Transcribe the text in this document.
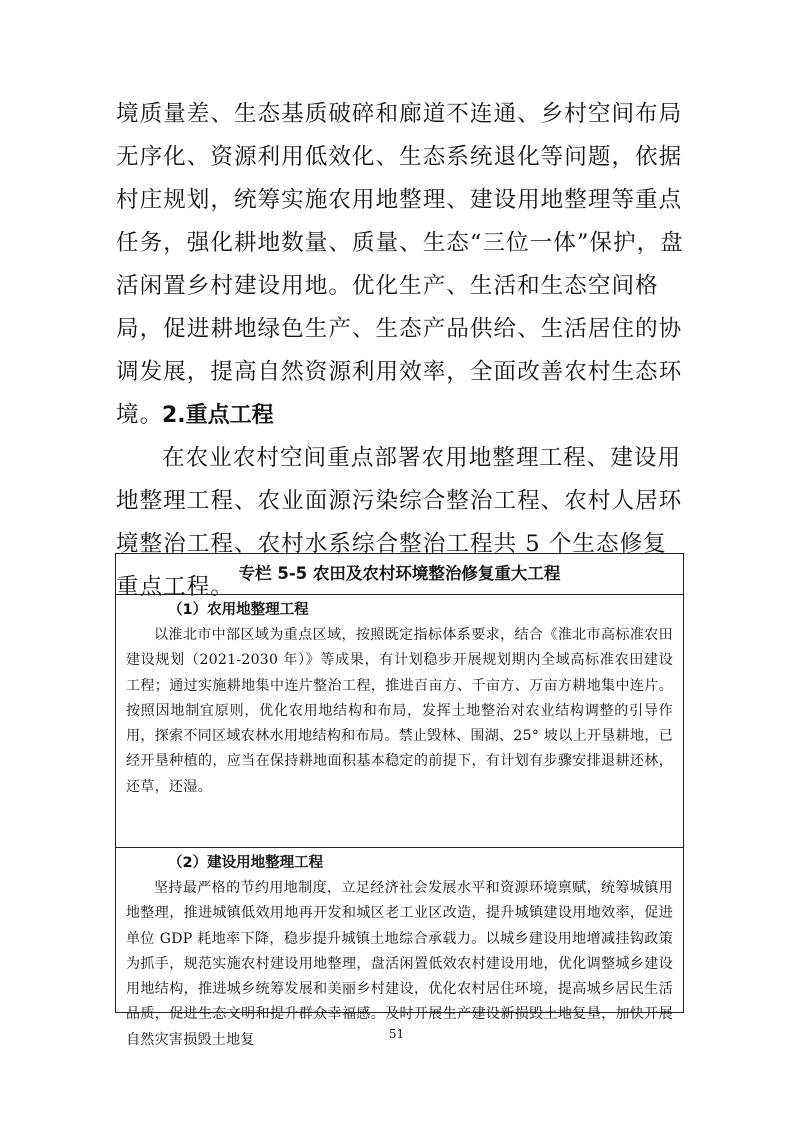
境质量差、生态基质破碎和廊道不连通、乡村空间布局无序化、资源利用低效化、生态系统退化等问题，依据村庄规划，统筹实施农用地整理、建设用地整理等重点任务，强化耕地数量、质量、生态“三位一体”保护，盘活闲置乡村建设用地。优化生产、生活和生态空间格局，促进耕地绿色生产、生态产品供给、生活居住的协调发展，提高自然资源利用效率，全面改善农村生态环境。

2.重点工程

在农业农村空间重点部署农用地整理工程、建设用地整理工程、农业面源污染综合整治工程、农村人居环境整治工程、农村水系综合整治工程共 5 个生态修复重点工程。

专栏 5-5 农田及农村环境整治修复重大工程
（1）农用地整理工程

以淮北市中部区域为重点区域，按照既定指标体系要求，结合《淮北市高标准农田建设规划（2021-2030 年）》等成果，有计划稳步开展规划期内全域高标准农田建设工程；通过实施耕地集中连片整治工程，推进百亩方、千亩方、万亩方耕地集中连片。按照因地制宜原则，优化农用地结构和布局，发挥土地整治对农业结构调整的引导作用，探索不同区域农林水用地结构和布局。禁止毁林、围湖、25° 坡以上开垦耕地，已经开垦种植的，应当在保持耕地面积基本稳定的前提下，有计划有步骤安排退耕还林，还草，还湿。

（2）建设用地整理工程

坚持最严格的节约用地制度，立足经济社会发展水平和资源环境禀赋，统筹城镇用地整理，推进城镇低效用地再开发和城区老工业区改造，提升城镇建设用地效率，促进单位 GDP 耗地率下降，稳步提升城镇土地综合承载力。以城乡建设用地增减挂钩政策为抓手，规范实施农村建设用地整理，盘活闲置低效农村建设用地，优化调整城乡建设用地结构，推进城乡统筹发展和美丽乡村建设，优化农村居住环境，提高城乡居民生活品质，促进生态文明和提升群众幸福感。及时开展生产建设新损毁土地复垦，加快开展自然灾害损毁土地复	51
